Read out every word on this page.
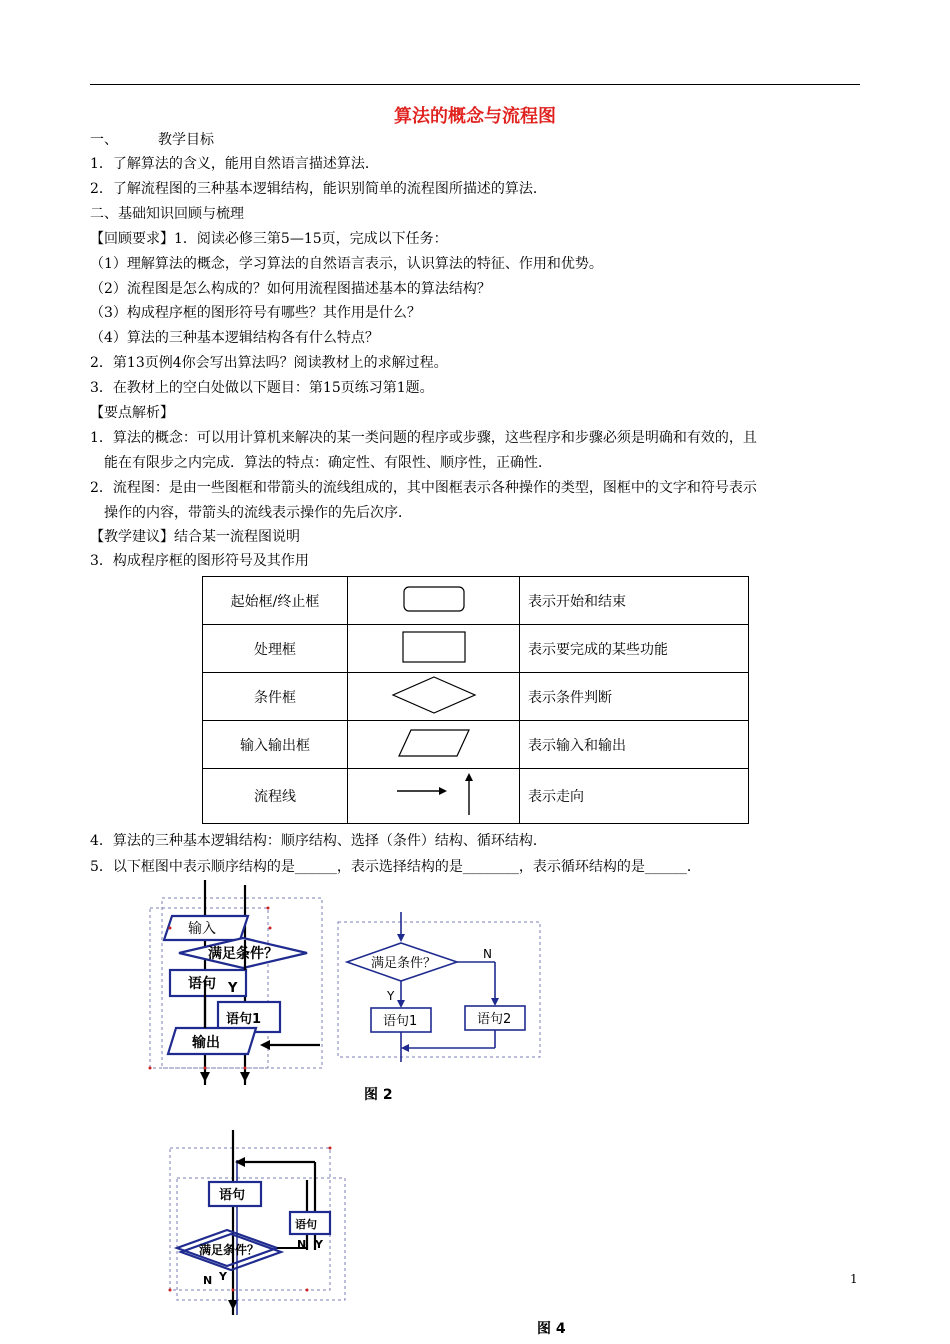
算法的概念与流程图
一、	教学目标
1．了解算法的含义，能用自然语言描述算法．
2．了解流程图的三种基本逻辑结构，能识别简单的流程图所描述的算法．
二、基础知识回顾与梳理
【回顾要求】1．阅读必修三第5—15页，完成以下任务：
（1）理解算法的概念，学习算法的自然语言表示，认识算法的特征、作用和优势。
（2）流程图是怎么构成的？如何用流程图描述基本的算法结构？
（3）构成程序框的图形符号有哪些？其作用是什么？
（4）算法的三种基本逻辑结构各有什么特点？
2．第13页例4你会写出算法吗？阅读教材上的求解过程。
3．在教材上的空白处做以下题目：第15页练习第1题。
【要点解析】
1．算法的概念：可以用计算机来解决的某一类问题的程序或步骤，这些程序和步骤必须是明确和有效的，且
能在有限步之内完成．算法的特点：确定性、有限性、顺序性，正确性．
2．流程图：是由一些图框和带箭头的流线组成的，其中图框表示各种操作的类型，图框中的文字和符号表示
操作的内容，带箭头的流线表示操作的先后次序．
【教学建议】结合某一流程图说明
3．构成程序框的图形符号及其作用
起始框/终止框		表示开始和结束
处理框		表示要完成的某些功能
条件框		表示条件判断
输入输出框		表示输入和输出
流程线		表示走向
4．算法的三种基本逻辑结构：顺序结构、选择（条件）结构、循环结构．
5．以下框图中表示顺序结构的是______，表示选择结构的是________，表示循环结构的是______．
输入
满足条件？
语句 Y
语句1
输出
满足条件？
N
Y
语句1	语句2
图 2
语句
语句
满足条件？	N Y
N Y
图 4
1
